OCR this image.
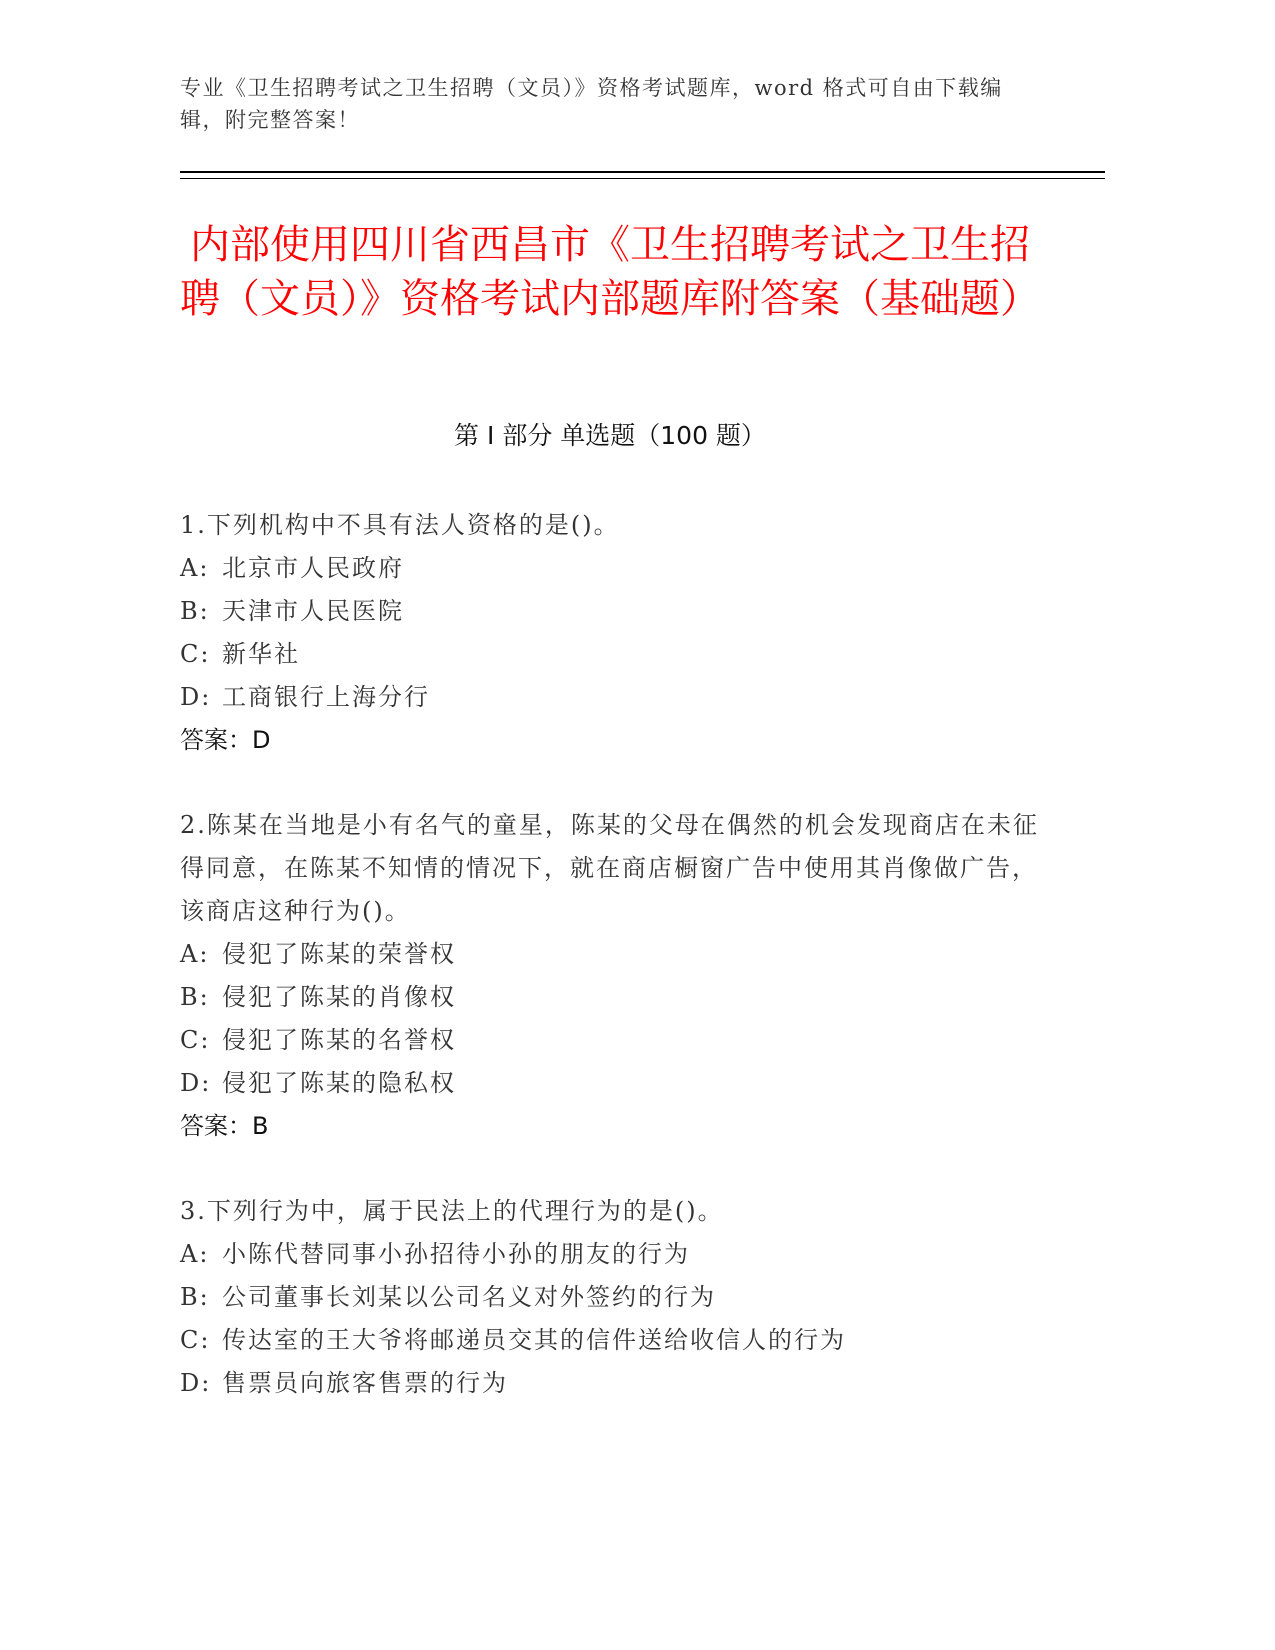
专业《卫生招聘考试之卫生招聘（文员）》资格考试题库，word 格式可自由下载编辑，附完整答案！
内部使用四川省西昌市《卫生招聘考试之卫生招聘（文员）》资格考试内部题库附答案（基础题）
第 I 部分 单选题（100 题）
1.下列机构中不具有法人资格的是()。
A: 北京市人民政府
B: 天津市人民医院
C: 新华社
D: 工商银行上海分行
答案：D
2.陈某在当地是小有名气的童星，陈某的父母在偶然的机会发现商店在未征得同意，在陈某不知情的情况下，就在商店橱窗广告中使用其肖像做广告，该商店这种行为()。
A: 侵犯了陈某的荣誉权
B: 侵犯了陈某的肖像权
C: 侵犯了陈某的名誉权
D: 侵犯了陈某的隐私权
答案：B
3.下列行为中，属于民法上的代理行为的是()。
A: 小陈代替同事小孙招待小孙的朋友的行为
B: 公司董事长刘某以公司名义对外签约的行为
C: 传达室的王大爷将邮递员交其的信件送给收信人的行为
D: 售票员向旅客售票的行为
